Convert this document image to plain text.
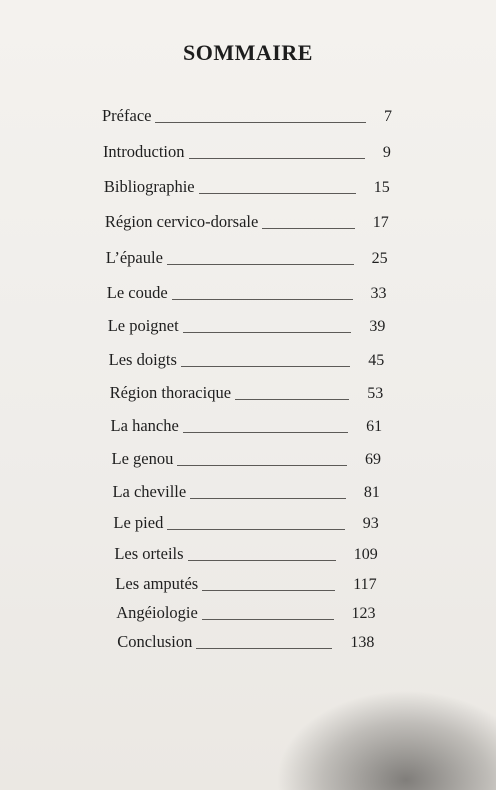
SOMMAIRE
Préface	7
Introduction	9
Bibliographie	15
Région cervico-dorsale	17
L’épaule	25
Le coude	33
Le poignet	39
Les doigts	45
Région thoracique	53
La hanche	61
Le genou	69
La cheville	81
Le pied	93
Les orteils	109
Les amputés	117
Angéiologie	123
Conclusion	138
